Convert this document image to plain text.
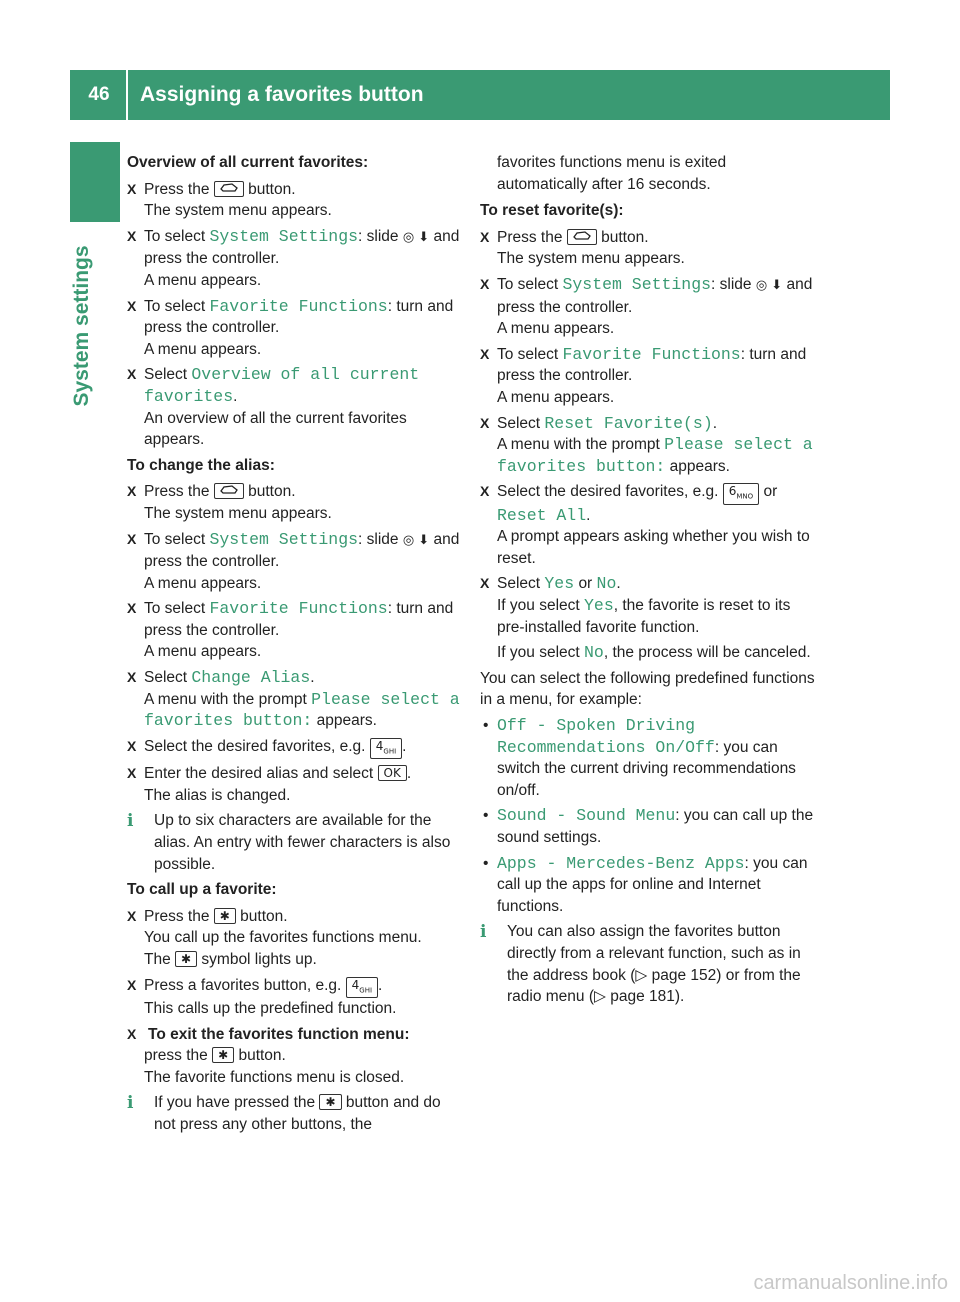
46	Assigning a favorites button
System settings
Overview of all current favorites:
X Press the button.
The system menu appears.
X To select System Settings: slide ◎ ⬇ and press the controller.
A menu appears.
X To select Favorite Functions: turn and press the controller.
A menu appears.
X Select Overview of all current favorites.
An overview of all the current favorites appears.
To change the alias:
X Press the button.
The system menu appears.
X To select System Settings: slide ◎ ⬇ and press the controller.
A menu appears.
X To select Favorite Functions: turn and press the controller.
A menu appears.
X Select Change Alias.
A menu with the prompt Please select a favorites button: appears.
X Select the desired favorites, e.g. $4_{GHI}$ .
X Enter the desired alias and select OK .
The alias is changed.
i Up to six characters are available for the alias. An entry with fewer characters is also possible.
To call up a favorite:
X Press the ✱ button.
You call up the favorites functions menu.
The ✱ symbol lights up.
X Press a favorites button, e.g. $4_{GHI}$ .
This calls up the predefined function.
X To exit the favorites function menu:
press the ✱ button.
The favorite functions menu is closed.
i If you have pressed the ✱ button and do not press any other buttons, the
favorites functions menu is exited automatically after 16 seconds.
To reset favorite(s):
X Press the button.
The system menu appears.
X To select System Settings: slide ◎ ⬇ and press the controller.
A menu appears.
X To select Favorite Functions: turn and press the controller.
A menu appears.
X Select Reset Favorite(s).
A menu with the prompt Please select a favorites button: appears.
X Select the desired favorites, e.g. $6_{MNO}$ or Reset All.
A prompt appears asking whether you wish to reset.
X Select Yes or No.
If you select Yes, the favorite is reset to its pre-installed favorite function.
If you select No, the process will be canceled.
You can select the following predefined functions in a menu, for example:
• Off - Spoken Driving Recommendations On/Off: you can switch the current driving recommendations on/off.
• Sound - Sound Menu: you can call up the sound settings.
• Apps - Mercedes-Benz Apps: you can call up the apps for online and Internet functions.
i You can also assign the favorites button directly from a relevant function, such as in the address book (▷ page 152) or from the radio menu (▷ page 181).
carmanualsonline.info
